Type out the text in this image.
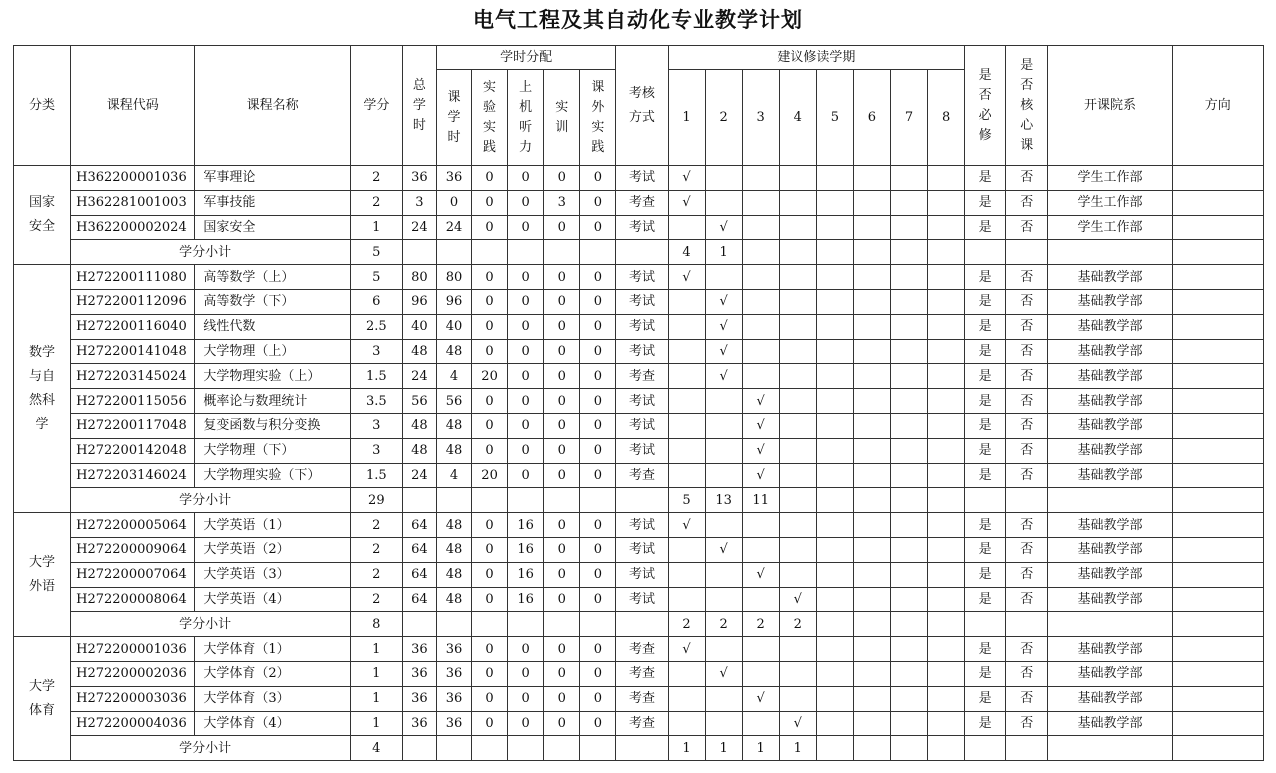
电气工程及其自动化专业教学计划
分类	课程代码	课程名称	学分	总学时	学时分配					考核方式	建议修读学期								是否必修	是否核心课	开课院系	方向
					课学时	实验实践	上机听力	实训	课外实践		1	2	3	4	5	6	7	8				
国家安全	H362200001036	军事理论	2	36	36	0	0	0	0	考试	√								是	否	学生工作部	
	H362281001003	军事技能	2	3	0	0	0	3	0	考查	√								是	否	学生工作部	
	H362200002024	国家安全	1	24	24	0	0	0	0	考试		√							是	否	学生工作部	
	学分小计		5								4	1										
数学与自然科学	H272200111080	高等数学（上）	5	80	80	0	0	0	0	考试	√								是	否	基础教学部	
	H272200112096	高等数学（下）	6	96	96	0	0	0	0	考试		√							是	否	基础教学部	
	H272200116040	线性代数	2.5	40	40	0	0	0	0	考试		√							是	否	基础教学部	
	H272200141048	大学物理（上）	3	48	48	0	0	0	0	考试		√							是	否	基础教学部	
	H272203145024	大学物理实验（上）	1.5	24	4	20	0	0	0	考查		√							是	否	基础教学部	
	H272200115056	概率论与数理统计	3.5	56	56	0	0	0	0	考试			√						是	否	基础教学部	
	H272200117048	复变函数与积分变换	3	48	48	0	0	0	0	考试			√						是	否	基础教学部	
	H272200142048	大学物理（下）	3	48	48	0	0	0	0	考试			√						是	否	基础教学部	
	H272203146024	大学物理实验（下）	1.5	24	4	20	0	0	0	考查			√						是	否	基础教学部	
	学分小计		29								5	13	11									
大学外语	H272200005064	大学英语（1）	2	64	48	0	16	0	0	考试	√								是	否	基础教学部	
	H272200009064	大学英语（2）	2	64	48	0	16	0	0	考试		√							是	否	基础教学部	
	H272200007064	大学英语（3）	2	64	48	0	16	0	0	考试			√						是	否	基础教学部	
	H272200008064	大学英语（4）	2	64	48	0	16	0	0	考试				√					是	否	基础教学部	
	学分小计		8								2	2	2	2								
大学体育	H272200001036	大学体育（1）	1	36	36	0	0	0	0	考查	√								是	否	基础教学部	
	H272200002036	大学体育（2）	1	36	36	0	0	0	0	考查		√							是	否	基础教学部	
	H272200003036	大学体育（3）	1	36	36	0	0	0	0	考查			√						是	否	基础教学部	
	H272200004036	大学体育（4）	1	36	36	0	0	0	0	考查				√					是	否	基础教学部	
	学分小计		4								1	1	1	1								
